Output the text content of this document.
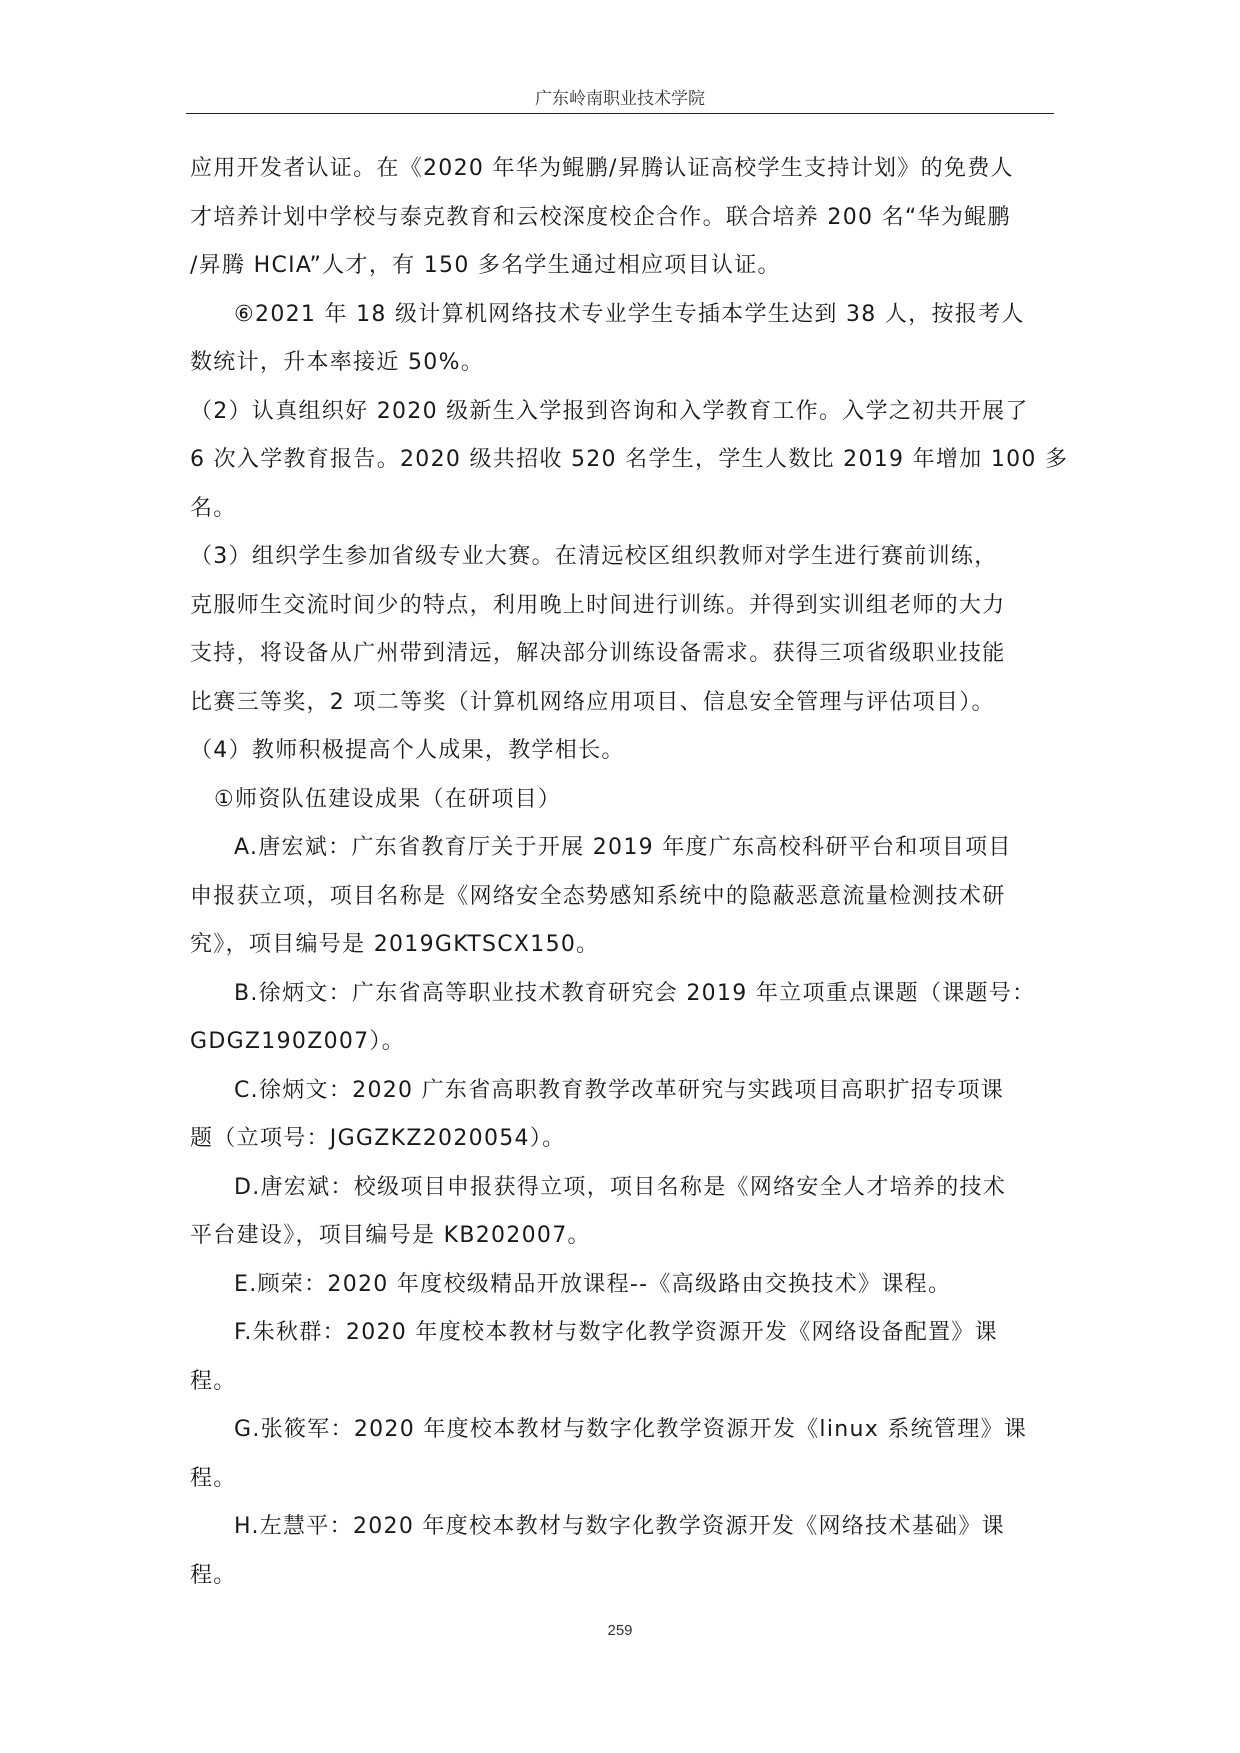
广东岭南职业技术学院
应用开发者认证。在《2020 年华为鲲鹏/昇腾认证高校学生支持计划》的免费人
才培养计划中学校与泰克教育和云校深度校企合作。联合培养 200 名“华为鲲鹏
/昇腾 HCIA”人才，有 150 多名学生通过相应项目认证。
⑥2021 年 18 级计算机网络技术专业学生专插本学生达到 38 人，按报考人
数统计，升本率接近 50%。
（2）认真组织好 2020 级新生入学报到咨询和入学教育工作。入学之初共开展了
6 次入学教育报告。2020 级共招收 520 名学生，学生人数比 2019 年增加 100 多
名。
（3）组织学生参加省级专业大赛。在清远校区组织教师对学生进行赛前训练，
克服师生交流时间少的特点，利用晚上时间进行训练。并得到实训组老师的大力
支持，将设备从广州带到清远，解决部分训练设备需求。获得三项省级职业技能
比赛三等奖，2 项二等奖（计算机网络应用项目、信息安全管理与评估项目）。
（4）教师积极提高个人成果，教学相长。
①师资队伍建设成果（在研项目）
A.唐宏斌：广东省教育厅关于开展 2019 年度广东高校科研平台和项目项目
申报获立项，项目名称是《网络安全态势感知系统中的隐蔽恶意流量检测技术研
究》，项目编号是 2019GKTSCX150。
B.徐炳文：广东省高等职业技术教育研究会 2019 年立项重点课题（课题号：
GDGZ190Z007）。
C.徐炳文：2020 广东省高职教育教学改革研究与实践项目高职扩招专项课
题（立项号：JGGZKZ2020054）。
D.唐宏斌：校级项目申报获得立项，项目名称是《网络安全人才培养的技术
平台建设》，项目编号是 KB202007。
E.顾荣：2020 年度校级精品开放课程--《高级路由交换技术》课程。
F.朱秋群：2020 年度校本教材与数字化教学资源开发《网络设备配置》课
程。
G.张筱军：2020 年度校本教材与数字化教学资源开发《linux 系统管理》课
程。
H.左慧平：2020 年度校本教材与数字化教学资源开发《网络技术基础》课
程。
259
